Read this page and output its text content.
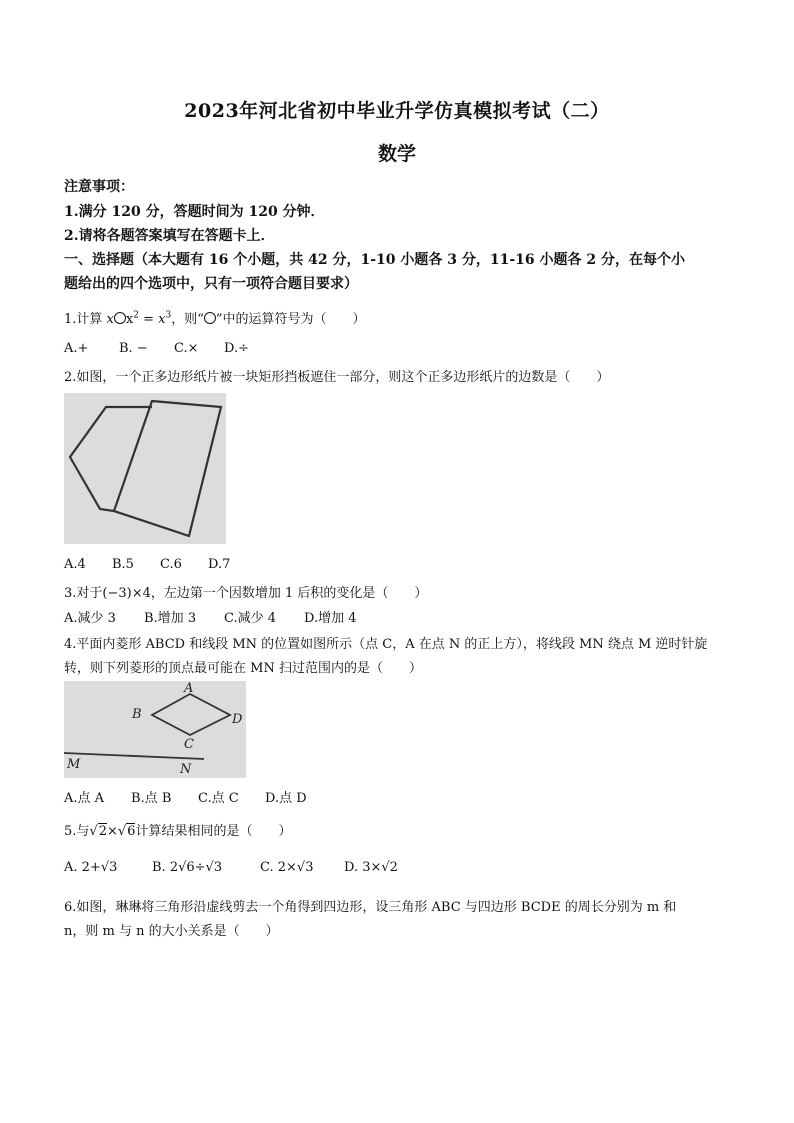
2023年河北省初中毕业升学仿真模拟考试（二）
数学
注意事项：
1.满分 120 分，答题时间为 120 分钟．
2.请将各题答案填写在答题卡上．
一、选择题（本大题有 16 个小题，共 42 分，1-10 小题各 3 分，11-16 小题各 2 分，在每个小
题给出的四个选项中，只有一项符合题目要求）
1.计算 x $x^2 = x^3$，则“ ”中的运算符号为（　　）
A.+ B. − C.× D.÷
2.如图，一个正多边形纸片被一块矩形挡板遮住一部分，则这个正多边形纸片的边数是（　　）
A.4 B.5 C.6 D.7
3.对于(−3)×4，左边第一个因数增加 1 后积的变化是（　　）
A.减少 3 B.增加 3 C.减少 4 D.增加 4
4.平面内菱形 ABCD 和线段 MN 的位置如图所示（点 C，A 在点 N 的正上方），将线段 MN 绕点 M 逆时针旋
转，则下列菱形的顶点最可能在 MN 扫过范围内的是（　　）
A
B
C
D
M	N
A.点 A B.点 B C.点 C D.点 D
5.与√2×√6计算结果相同的是（　　）
A. 2+√3	B. 2√6÷√3	C. 2×√3 D. 3×√2
6.如图，琳琳将三角形沿虚线剪去一个角得到四边形，设三角形 ABC 与四边形 BCDE 的周长分别为 m 和
n，则 m 与 n 的大小关系是（　　）
